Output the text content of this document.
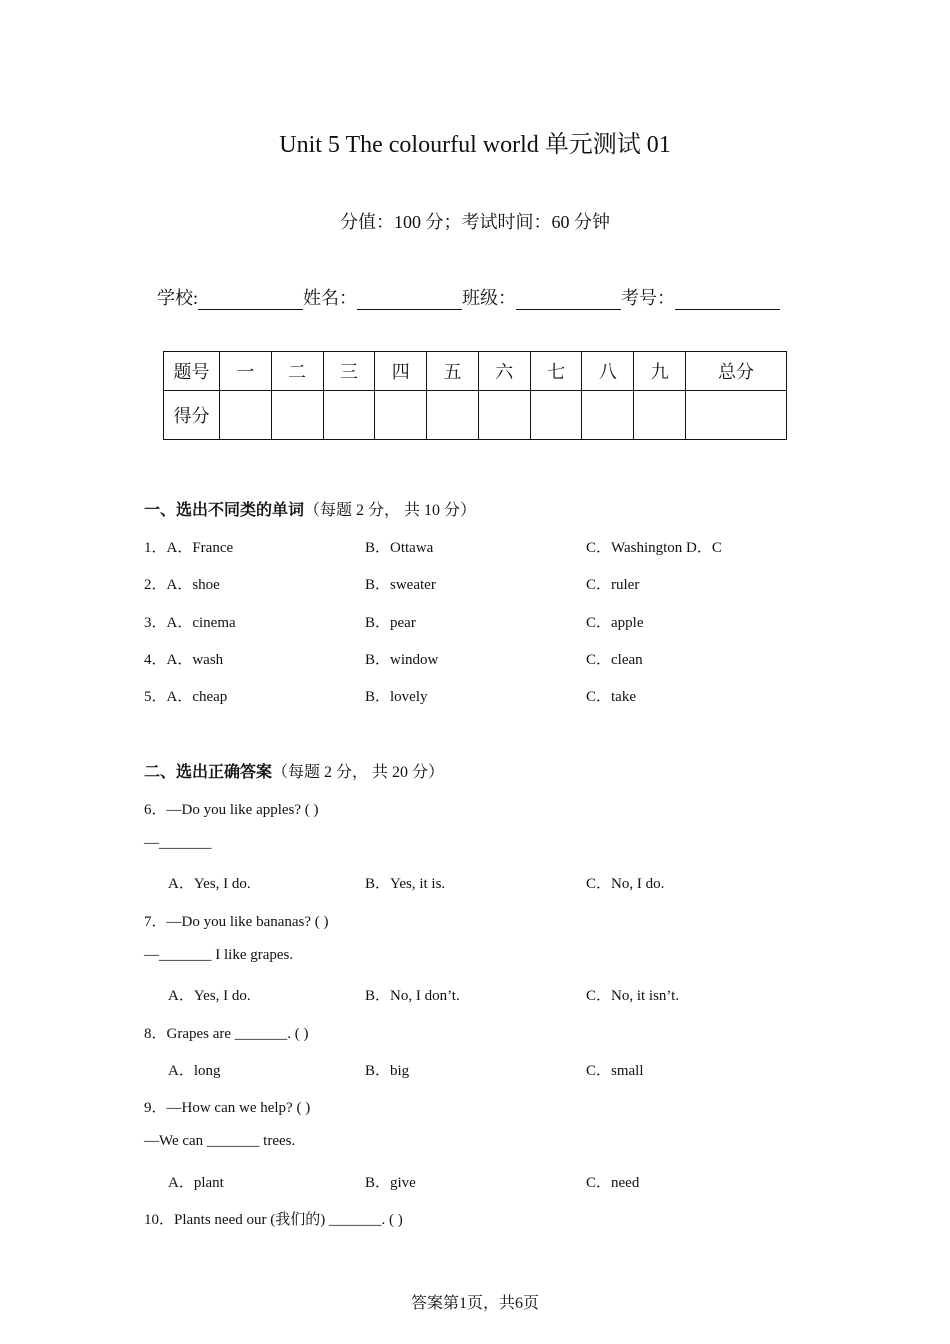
Unit 5 The colourful world 单元测试 01
分值：100 分；考试时间：60 分钟
学校:	姓名：	班级：	考号：
题号	一	二	三	四	五	六	七	八	九	总分
得分										
一、选出不同类的单词（每题 2 分， 共 10 分）
1．A．France	B．Ottawa	C．Washington D．C
2．A．shoe	B．sweater	C．ruler
3．A．cinema	B．pear	C．apple
4．A．wash	B．window	C．clean
5．A．cheap	B．lovely	C．take
二、选出正确答案（每题 2 分， 共 20 分）
6．—Do you like apples? ( )
—_______
A．Yes, I do.	B．Yes, it is.	C．No, I do.
7．—Do you like bananas? ( )
—_______ I like grapes.
A．Yes, I do.	B．No, I don’t.	C．No, it isn’t.
8．Grapes are _______. ( )
A．long	B．big	C．small
9．—How can we help? ( )
—We can _______ trees.
A．plant	B．give	C．need
10．Plants need our (我们的) _______. ( )
答案第1页，共6页
